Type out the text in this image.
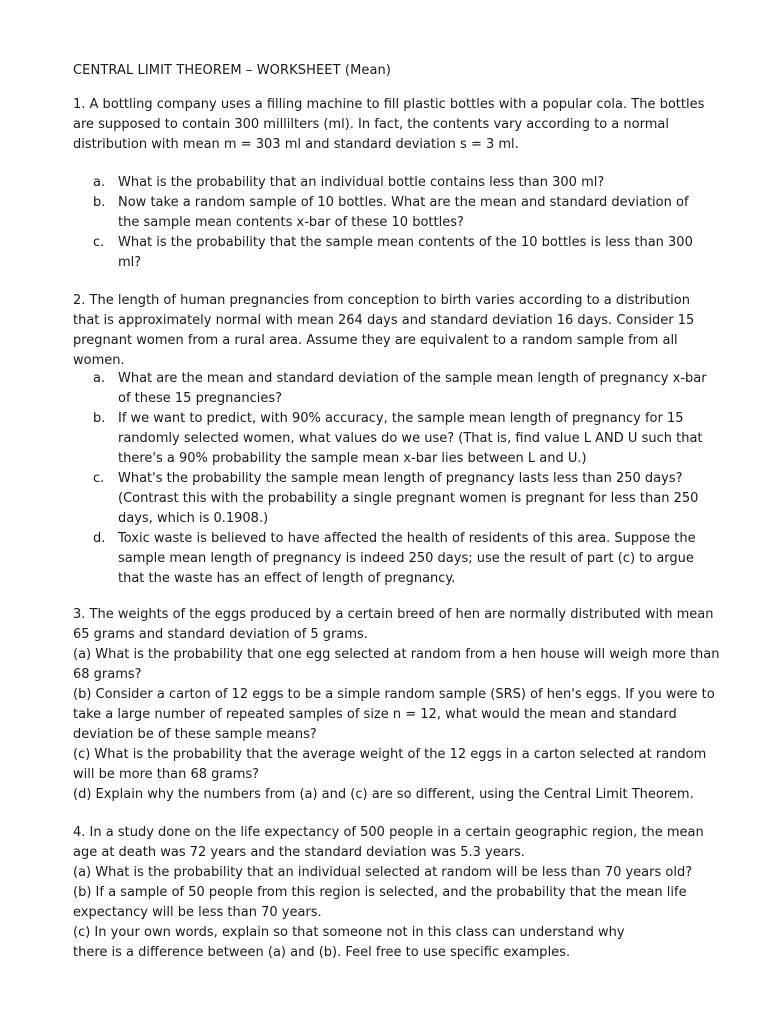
CENTRAL LIMIT THEOREM – WORKSHEET (Mean)

1. A bottling company uses a filling machine to fill plastic bottles with a popular cola. The bottles are supposed to contain 300 millilters (ml). In fact, the contents vary according to a normal distribution with mean m = 303 ml and standard deviation s = 3 ml.

a. What is the probability that an individual bottle contains less than 300 ml?
b. Now take a random sample of 10 bottles. What are the mean and standard deviation of the sample mean contents x-bar of these 10 bottles?
c. What is the probability that the sample mean contents of the 10 bottles is less than 300 ml?

2. The length of human pregnancies from conception to birth varies according to a distribution that is approximately normal with mean 264 days and standard deviation 16 days. Consider 15 pregnant women from a rural area. Assume they are equivalent to a random sample from all women.

a. What are the mean and standard deviation of the sample mean length of pregnancy x-bar of these 15 pregnancies?
b. If we want to predict, with 90% accuracy, the sample mean length of pregnancy for 15 randomly selected women, what values do we use? (That is, find value L AND U such that there's a 90% probability the sample mean x-bar lies between L and U.)
c. What's the probability the sample mean length of pregnancy lasts less than 250 days? (Contrast this with the probability a single pregnant women is pregnant for less than 250 days, which is 0.1908.)
d. Toxic waste is believed to have affected the health of residents of this area. Suppose the sample mean length of pregnancy is indeed 250 days; use the result of part (c) to argue that the waste has an effect of length of pregnancy.
3. The weights of the eggs produced by a certain breed of hen are normally distributed with mean
65 grams and standard deviation of 5 grams.
(a) What is the probability that one egg selected at random from a hen house will weigh more than
68 grams?
(b) Consider a carton of 12 eggs to be a simple random sample (SRS) of hen's eggs. If you were to
take a large number of repeated samples of size n = 12, what would the mean and standard
deviation be of these sample means?
(c) What is the probability that the average weight of the 12 eggs in a carton selected at random
will be more than 68 grams?
(d) Explain why the numbers from (a) and (c) are so different, using the Central Limit Theorem.
4. In a study done on the life expectancy of 500 people in a certain geographic region, the mean
age at death was 72 years and the standard deviation was 5.3 years.
(a) What is the probability that an individual selected at random will be less than 70 years old?
(b) If a sample of 50 people from this region is selected, and the probability that the mean life
expectancy will be less than 70 years.
(c) In your own words, explain so that someone not in this class can understand why
there is a difference between (a) and (b). Feel free to use specific examples.
